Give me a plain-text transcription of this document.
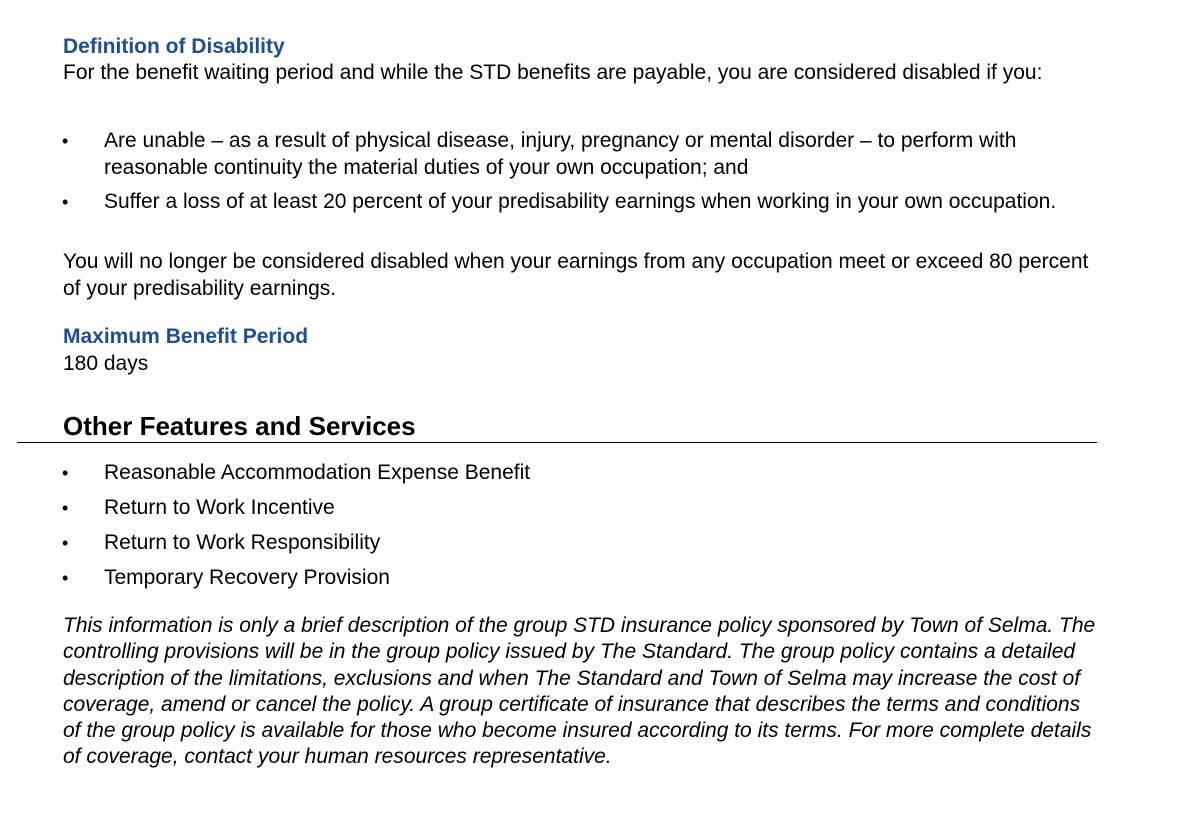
Definition of Disability

For the benefit waiting period and while the STD benefits are payable, you are considered disabled if you:

•	Are unable – as a result of physical disease, injury, pregnancy or mental disorder – to perform with reasonable continuity the material duties of your own occupation; and
•	Suffer a loss of at least 20 percent of your predisability earnings when working in your own occupation.

You will no longer be considered disabled when your earnings from any occupation meet or exceed 80 percent of your predisability earnings.

Maximum Benefit Period

180 days

Other Features and Services
•	Reasonable Accommodation Expense Benefit
•	Return to Work Incentive
•	Return to Work Responsibility
•	Temporary Recovery Provision

This information is only a brief description of the group STD insurance policy sponsored by Town of Selma. The controlling provisions will be in the group policy issued by The Standard. The group policy contains a detailed description of the limitations, exclusions and when The Standard and Town of Selma may increase the cost of coverage, amend or cancel the policy. A group certificate of insurance that describes the terms and conditions of the group policy is available for those who become insured according to its terms. For more complete details of coverage, contact your human resources representative.
